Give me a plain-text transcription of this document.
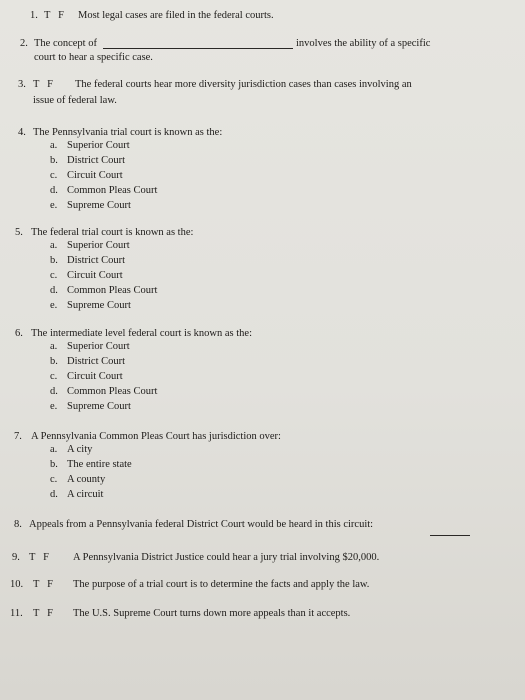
1. T   F Most legal cases are filed in the federal courts.
2. The concept of	involves the ability of a specific
court to hear a specific case.
3. T   F The federal courts hear more diversity jurisdiction cases than cases involving an
issue of federal law.
4. The Pennsylvania trial court is known as the:
a. Superior Court
b. District Court
c. Circuit Court
d. Common Pleas Court
e. Supreme Court
5. The federal trial court is known as the:
a. Superior Court
b. District Court
c. Circuit Court
d. Common Pleas Court
e. Supreme Court
6. The intermediate level federal court is known as the:
a. Superior Court
b. District Court
c. Circuit Court
d. Common Pleas Court
e. Supreme Court
7. A Pennsylvania Common Pleas Court has jurisdiction over:
a. A city
b. The entire state
c. A county
d. A circuit
8. Appeals from a Pennsylvania federal District Court would be heard in this circuit:
9. T   F A Pennsylvania District Justice could hear a jury trial involving $20,000.
10. T   F The purpose of a trial court is to determine the facts and apply the law.
11. T   F The U.S. Supreme Court turns down more appeals than it accepts.
